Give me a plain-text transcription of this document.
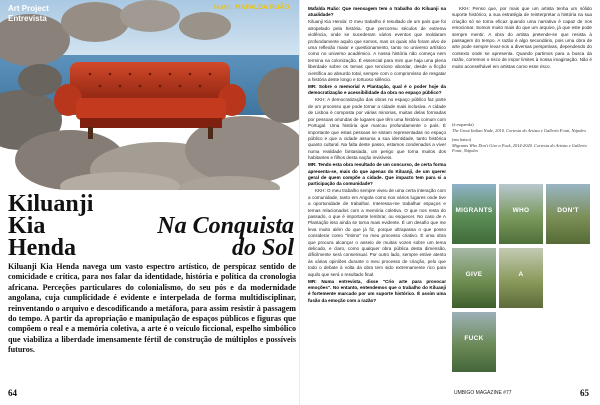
Art Project
Entrevista
texto: MAFALDA RUÃO
Kiluanji
Kia	Na Conquista
Henda	do Sol
Kiluanji Kia Henda navega um vasto espectro artístico, de perspicaz sentido de comicidade e crítica, para nos falar da identidade, história e política da cronologia africana. Perceções particulares do colonialismo, do seu pós e da modernidade angolana, cuja cumplicidade é evidente e interpelada de forma multidisciplinar, reinventando o arquivo e descodificando a metáfora, para assim resistir à passagem do tempo. A partir da apropriação e manipulação de espaços públicos e figuras que compõem o real e a memória coletiva, a arte é o veículo ficcional, espelho simbólico que viabiliza a liberdade imensamente fértil de construção de múltiplos e possíveis futuros.
64

Mafalda Ruão: Que mensagem tem o trabalho do Kiluanji na atualidade?

Kiluanji Kia Henda: O meu trabalho é resultado de um país que foi atropelado pela história. Que percorreu séculos de extrema violência, onde se sucederam vários eventos que moldaram profundamente aquilo que somos, mas os quais não foram alvo de uma reflexão maior e questionamento, tanto no universo artístico como no universo académico. A nossa história não começa nem termina na colonização. É essencial para mim que haja uma plena liberdade sobre os temas que tenciono abordar, desde a ficção científica ao absurdo total, sempre com o compromisso de resgatar a história deste longo e tortuoso silêncio.

MR: Sobre o memorial A Plantação, qual é o poder hoje da democratização e acessibilidade da obra no espaço público?

KKH: A democratização das obras no espaço público faz parte de um processo que pode tornar a cidade mais inclusiva. A cidade de Lisboa é composta por várias minorias, muitas delas formadas por pessoas oriundas de lugares que têm uma história comum com Portugal. Uma história que marcou profundamente o país. É importante que estas pessoas se sintam representadas no espaço público e que a cidade assuma a sua identidade, tanto histórica quanto cultural. Na falta deste passo, estamos condenados a viver numa realidade fantasiada, um perigo que torna muitos dos habitantes e filhos desta nação invisíveis.

MR: Tendo esta obra resultado de um concurso, de certa forma apresenta-se, mais do que apenas do Kiluanji, de um querer geral de quem compõe a cidade. Que impacto tem para si a participação da comunidade?

KKH: O meu trabalho sempre viveu de uma certa interação com a comunidade, tanto em Angola como nos vários lugares onde tive a oportunidade de trabalhar. Interessa-me trabalhar espaços e temas relacionados com a memória coletiva. O que nos resta do passado, o que é importante lembrar, ou esquecer. No caso de A Plantação isso ainda se torna mais evidente. É um desafio que me leva muito além do que já fiz, porque ultrapassa o que posso considerar como "íntimo" no meu processo criativo. É uma obra que procura alcançar o anseio de muitas vozes sobre um tema delicado, e claro, como qualquer obra pública desta dimensão, dificilmente será consensual. Por outro lado, sempre estive atento às várias opiniões durante o meu processo de criação, pelo que todo o debate à volta da obra tem sido extremamente rico para aquilo que será o resultado final.

MR: Numa entrevista, disse "Crio arte para provocar emoções". No entanto, entendemos que o trabalho do Kiluanji é fortemente marcado por um suporte histórico. É assim uma fusão da emoção com a razão?

KKH: Penso que, por mais que um artista tenha um sólido suporte histórico, a sua estratégia de reinterpretar a história na sua criação só se torna eficaz quando uma narrativa é capaz de nos emocionar. Somos muito mais do que um arquivo, já que este pode sempre mentir. A obra do artista pretende-se que resista à passagem do tempo. A razão é algo secundário, pois uma obra de arte pode sempre levar-nos a diversas perspetivas, dependendo do contexto onde se apresenta. Quando partimos para a busca da razão, corremos o risco de impor limites à nossa imaginação. Não é muito aconselhável em artistas como esse risco.

(à esquerda)
The Great Italian Nude, 2010. Cortesia do Artista e Galleria Fonti, Nápoles
(em baixo)
Migrants Who Don't Give a Fuck, 2014-2020. Cortesia do Artista e Galleria Fonti, Nápoles
MIGRANTS	WHO	DON'T
GIVE	A
FUCK
UMBIGO MAGAZINE #77	65
